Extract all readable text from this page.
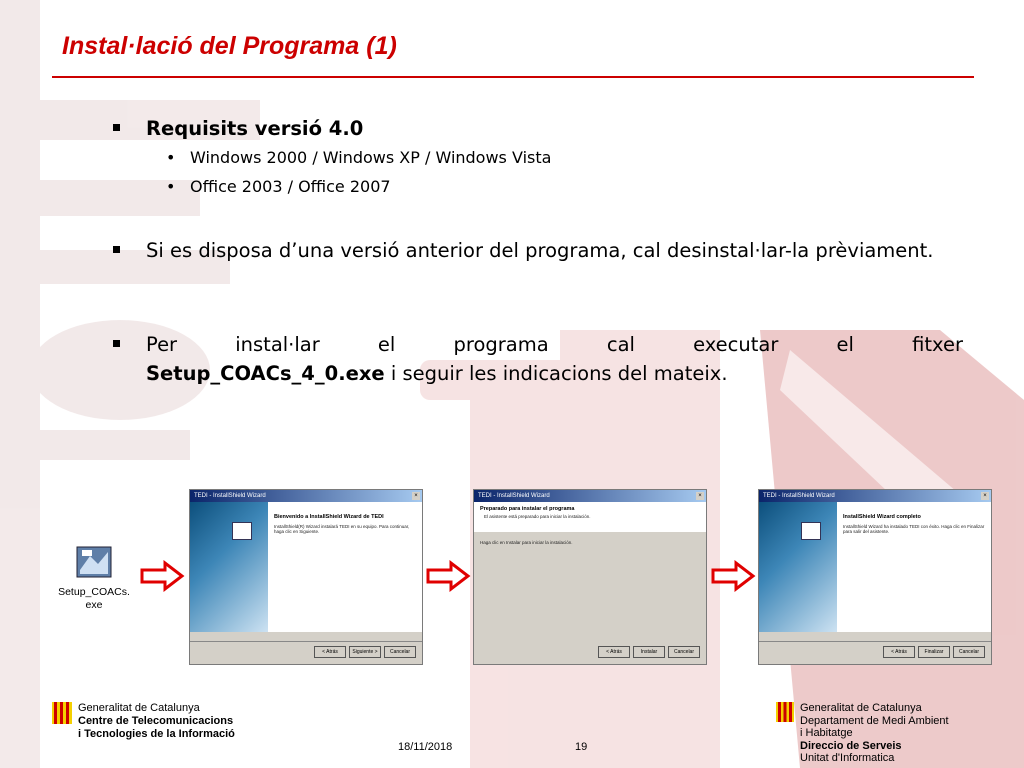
Instal·lació del Programa (1)
Requisits versió 4.0
• Windows 2000 / Windows XP / Windows Vista
• Office 2003 / Office 2007
Si es disposa d’una versió anterior del programa, cal desinstal·lar-la prèviament.
Per instal·lar el programa cal executar el fitxer
Setup_COACs_4_0.exe i seguir les indicacions del mateix.
Setup_COACs.
exe
TEDI - InstallShield Wizard	×
Bienvenido a InstallShield Wizard de TEDI
InstallShield(R) Wizard instalará TEDI en su equipo. Para continuar, haga clic en Siguiente.
< Atrás	Siguiente >	Cancelar
TEDI - InstallShield Wizard	×
Preparado para instalar el programa
El asistente está preparado para iniciar la instalación.
Haga clic en Instalar para iniciar la instalación.
< Atrás	Instalar	Cancelar
TEDI - InstallShield Wizard	×
InstallShield Wizard completo
InstallShield Wizard ha instalado TEDI con éxito. Haga clic en Finalizar para salir del asistente.
< Atrás	Finalizar	Cancelar
Generalitat de Catalunya
Centre de Telecomunicacions
i Tecnologies de la Informació
18/11/2018	19
Generalitat de Catalunya
Departament de Medi Ambient
i Habitatge
Direccio de Serveis
Unitat d'Informatica
